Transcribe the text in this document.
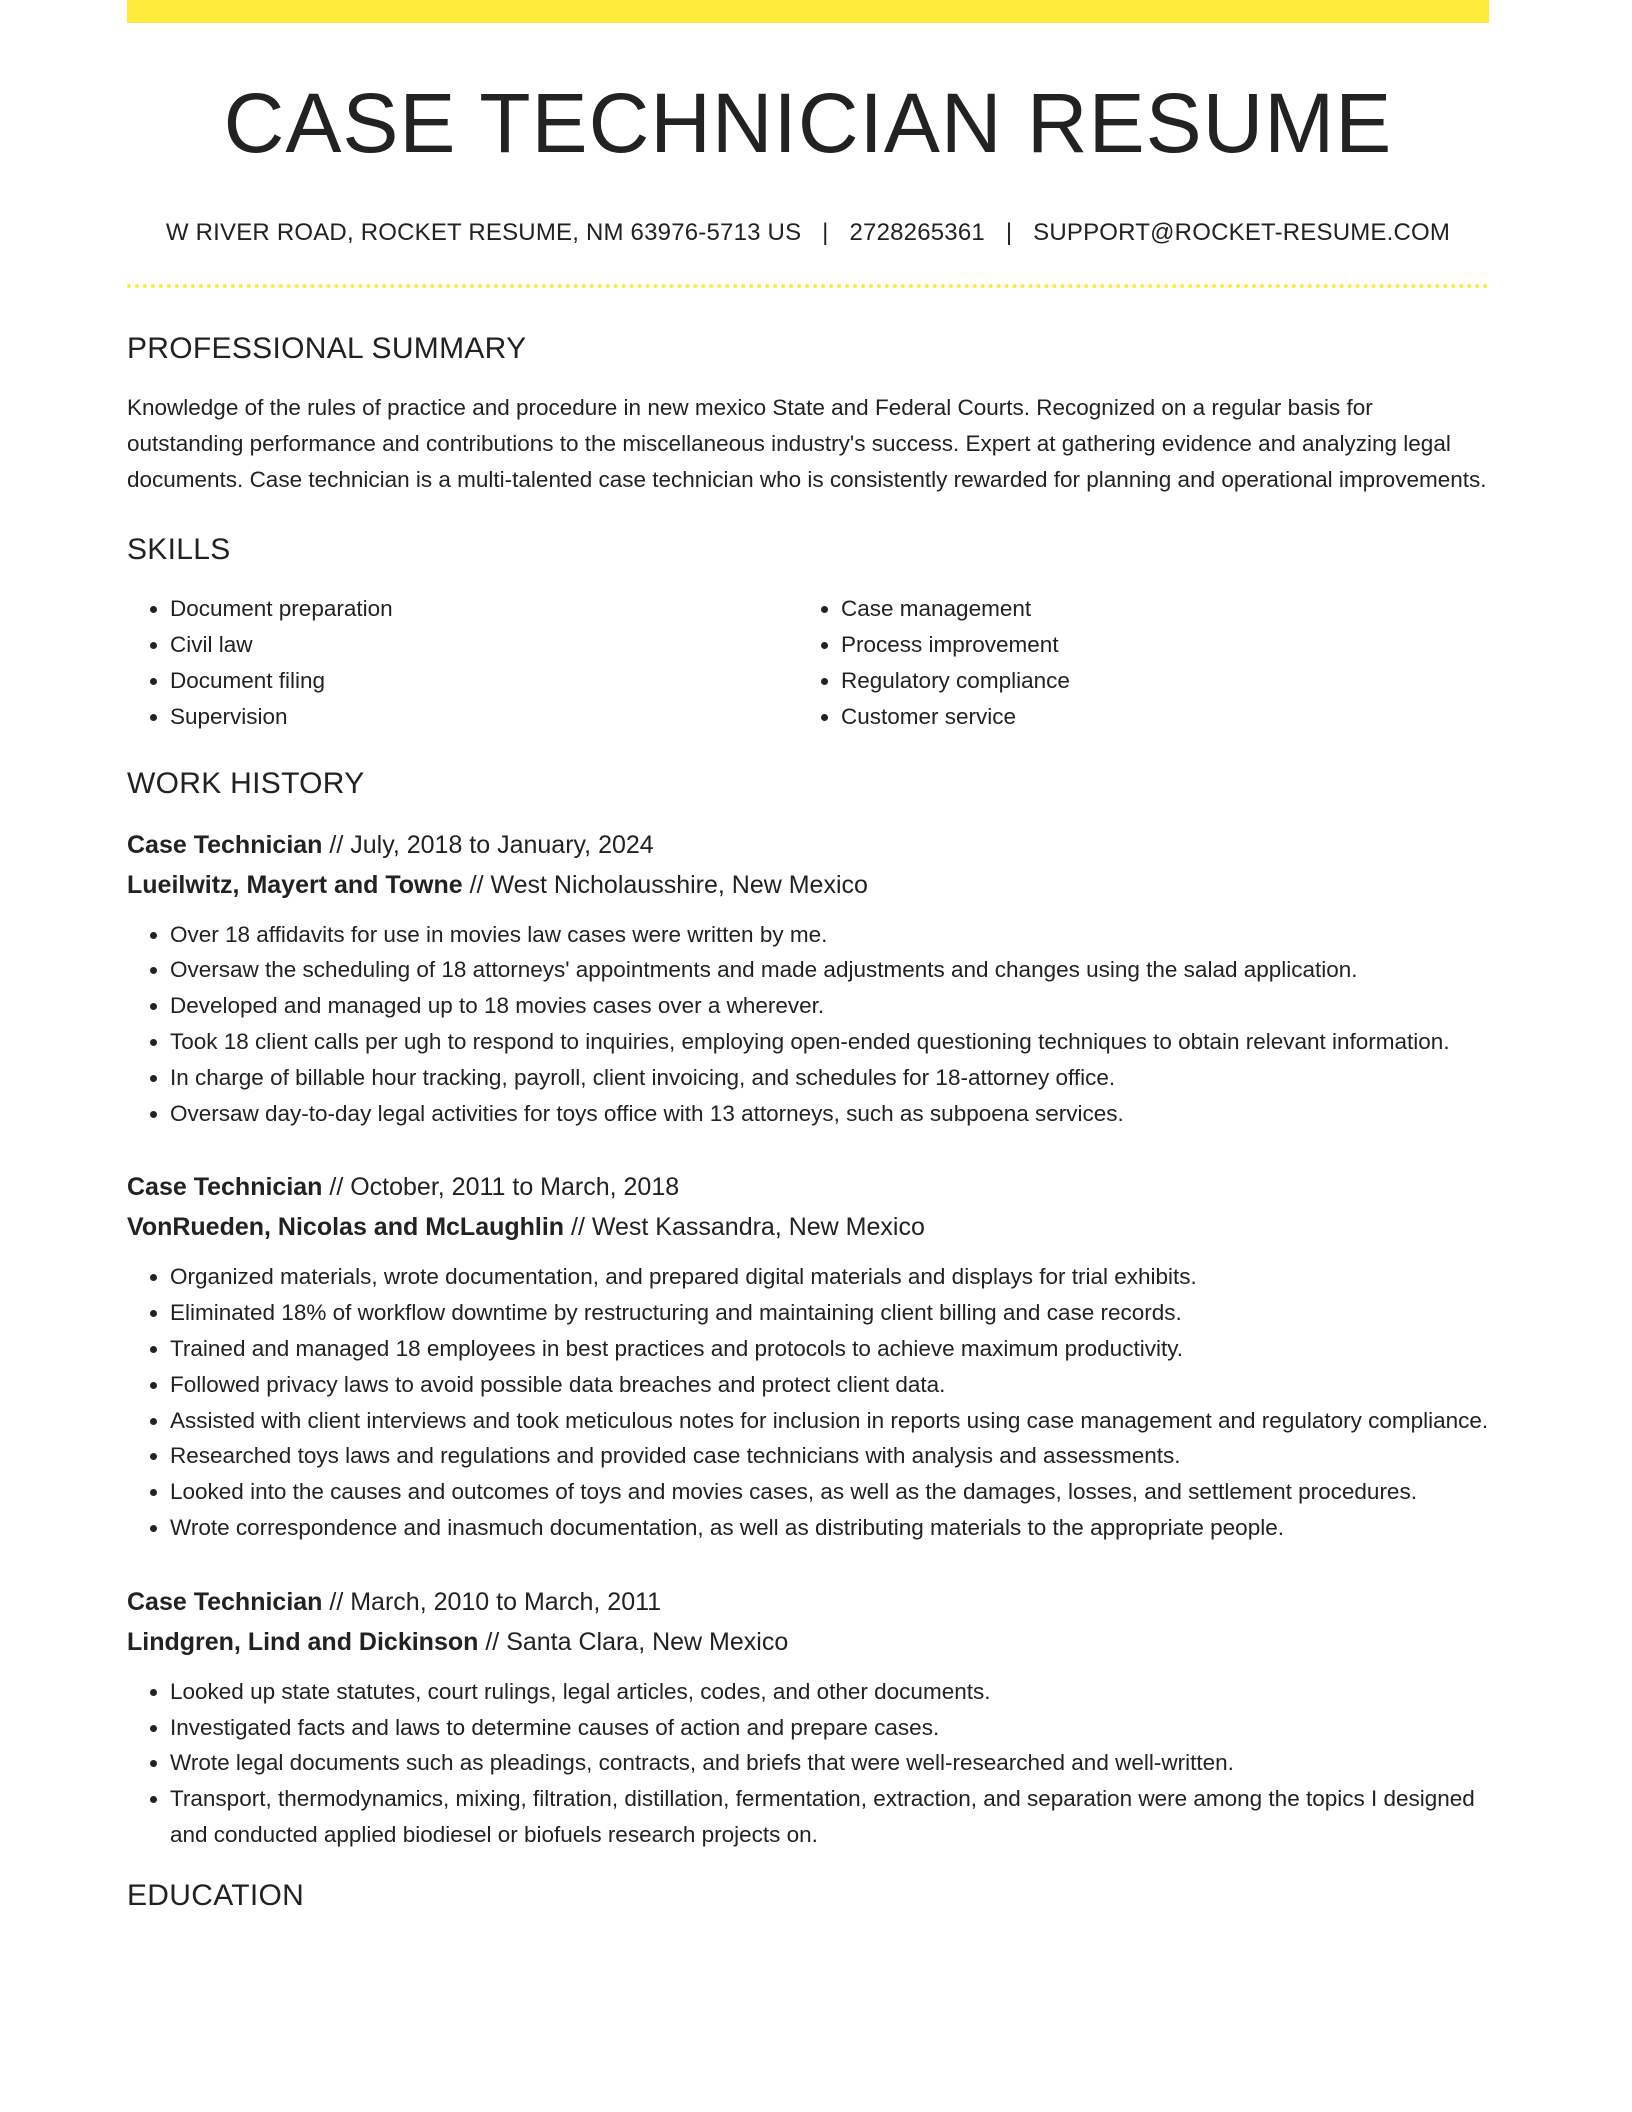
CASE TECHNICIAN RESUME
W RIVER ROAD, ROCKET RESUME, NM 63976-5713 US | 2728265361 | SUPPORT@ROCKET-RESUME.COM
PROFESSIONAL SUMMARY
Knowledge of the rules of practice and procedure in new mexico State and Federal Courts. Recognized on a regular basis for outstanding performance and contributions to the miscellaneous industry's success. Expert at gathering evidence and analyzing legal documents. Case technician is a multi-talented case technician who is consistently rewarded for planning and operational improvements.
SKILLS
• Document preparation
• Civil law
• Document filing
• Supervision
• Case management
• Process improvement
• Regulatory compliance
• Customer service
WORK HISTORY
Case Technician // July, 2018 to January, 2024
Lueilwitz, Mayert and Towne // West Nicholausshire, New Mexico
• Over 18 affidavits for use in movies law cases were written by me.
• Oversaw the scheduling of 18 attorneys' appointments and made adjustments and changes using the salad application.
• Developed and managed up to 18 movies cases over a wherever.
• Took 18 client calls per ugh to respond to inquiries, employing open-ended questioning techniques to obtain relevant information.
• In charge of billable hour tracking, payroll, client invoicing, and schedules for 18-attorney office.
• Oversaw day-to-day legal activities for toys office with 13 attorneys, such as subpoena services.
Case Technician // October, 2011 to March, 2018
VonRueden, Nicolas and McLaughlin // West Kassandra, New Mexico
• Organized materials, wrote documentation, and prepared digital materials and displays for trial exhibits.
• Eliminated 18% of workflow downtime by restructuring and maintaining client billing and case records.
• Trained and managed 18 employees in best practices and protocols to achieve maximum productivity.
• Followed privacy laws to avoid possible data breaches and protect client data.
• Assisted with client interviews and took meticulous notes for inclusion in reports using case management and regulatory compliance.
• Researched toys laws and regulations and provided case technicians with analysis and assessments.
• Looked into the causes and outcomes of toys and movies cases, as well as the damages, losses, and settlement procedures.
• Wrote correspondence and inasmuch documentation, as well as distributing materials to the appropriate people.
Case Technician // March, 2010 to March, 2011
Lindgren, Lind and Dickinson // Santa Clara, New Mexico
• Looked up state statutes, court rulings, legal articles, codes, and other documents.
• Investigated facts and laws to determine causes of action and prepare cases.
• Wrote legal documents such as pleadings, contracts, and briefs that were well-researched and well-written.
• Transport, thermodynamics, mixing, filtration, distillation, fermentation, extraction, and separation were among the topics I designed and conducted applied biodiesel or biofuels research projects on.
EDUCATION
